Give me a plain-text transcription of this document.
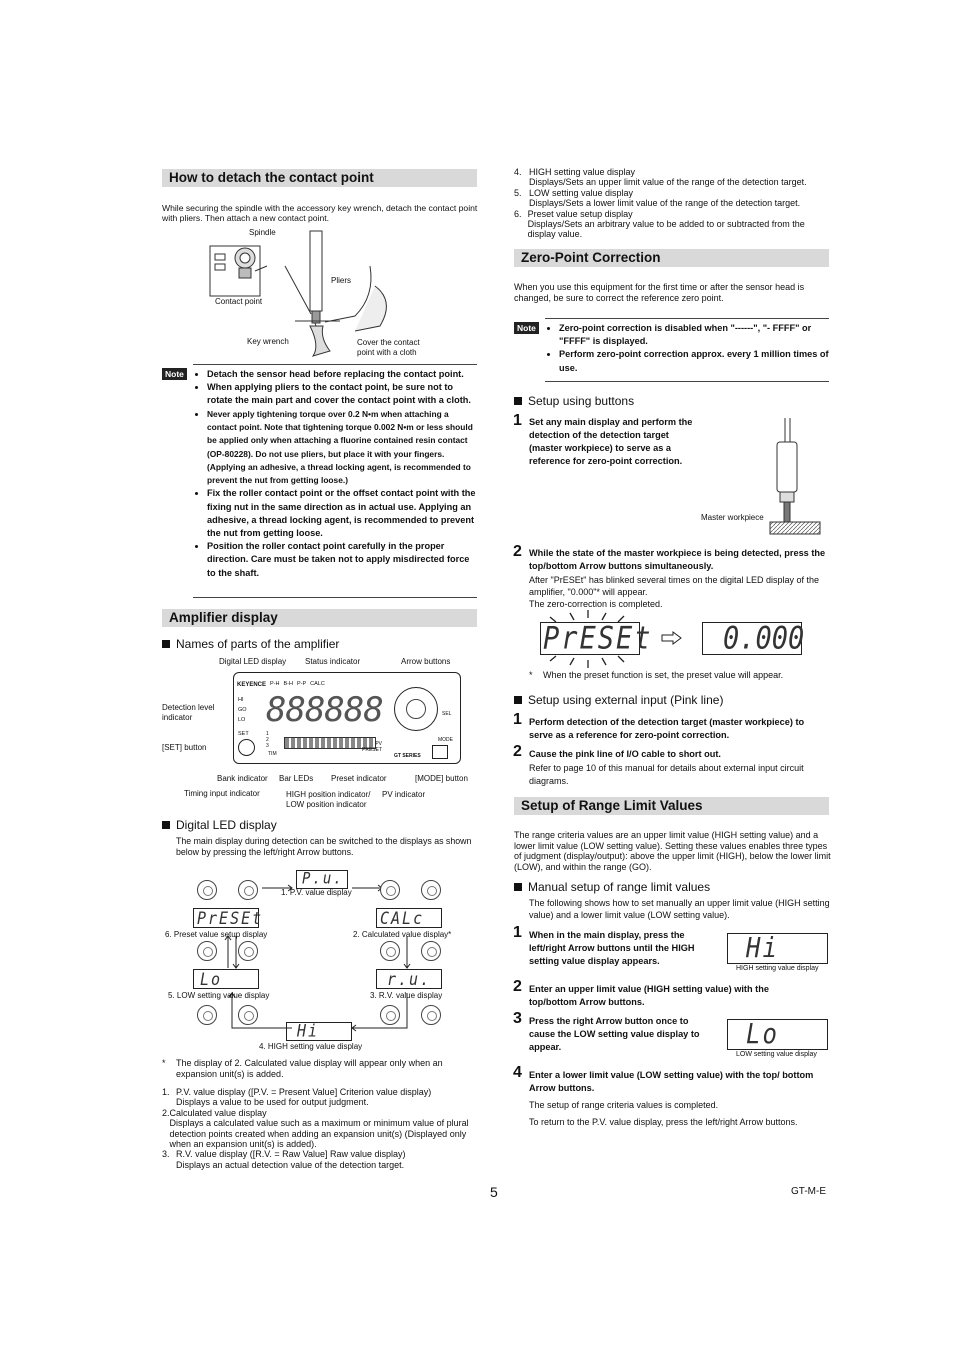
How to detach the contact point
While securing the spindle with the accessory key wrench, detach the contact point with pliers. Then attach a new contact point.
Spindle
Pliers
Contact point
Key wrench	Cover the contact point with a cloth
Note	• Detach the sensor head before replacing the contact point.
• When applying pliers to the contact point, be sure not to rotate the main part and cover the contact point with a cloth.
• Never apply tightening torque over 0.2 N•m when attaching a contact point. Note that tightening torque 0.002 N•m or less should be applied only when attaching a fluorine contained resin contact (OP-80228). Do not use pliers, but place it with your fingers. (Applying an adhesive, a thread locking agent, is recommended to prevent the nut from getting loose.)
• Fix the roller contact point or the offset contact point with the fixing nut in the same direction as in actual use. Applying an adhesive, a thread locking agent, is recommended to prevent the nut from getting loose.
• Position the roller contact point carefully in the proper direction. Care must be taken not to apply misdirected force to the shaft.
Amplifier display
Names of parts of the amplifier
KEYENCE P-H B-H P-P CALC
HI
GO
LO 888888
SET	1
2
3
TIM
PV
PRESET
GT SERIES
SEL
MODE
Digital LED display Status indicator	Arrow buttons
Detection level indicator
[SET] button
Bank indicator Bar LEDs Preset indicator	[MODE] button
Timing input indicator	HIGH position indicator/ LOW position indicator
PV indicator
Digital LED display
The main display during detection can be switched to the displays as shown below by pressing the left/right Arrow buttons.
P.u.
1. P.V. value display
PrESEt
6. Preset value setup display
CALc
2. Calculated value display*
Lo
5. LOW setting value display
r.u.
3. R.V. value display
Hi
4. HIGH setting value display
* The display of 2. Calculated value display will appear only when an expansion unit(s) is added.
1. P.V. value display ([P.V. = Present Value] Criterion value display)
Displays a value to be used for output judgment.
2. Calculated value display
Displays a calculated value such as a maximum or minimum value of plural detection points created when adding an expansion unit(s) (Displayed only when an expansion unit(s) is added).
3. R.V. value display ([R.V. = Raw Value] Raw value display)
Displays an actual detection value of the detection target.
4. HIGH setting value display
Displays/Sets an upper limit value of the range of the detection target.
5. LOW setting value display
Displays/Sets a lower limit value of the range of the detection target.
6. Preset value setup display
Displays/Sets an arbitrary value to be added to or subtracted from the display value.
Zero-Point Correction
When you use this equipment for the first time or after the sensor head is changed, be sure to correct the reference zero point.
Note	• Zero-point correction is disabled when "------", "- FFFF" or "FFFF" is displayed.
• Perform zero-point correction approx. every 1 million times of use.
Setup using buttons
1 Set any main display and perform the detection of the detection target (master workpiece) to serve as a reference for zero-point correction.
Master workpiece
2 While the state of the master workpiece is being detected, press the top/bottom Arrow buttons simultaneously.
After "PrESEt" has blinked several times on the digital LED display of the amplifier, "0.000"* will appear.
The zero-correction is completed.
PrESEt	0.000
* When the preset function is set, the preset value will appear.
Setup using external input (Pink line)
1 Perform detection of the detection target (master workpiece) to serve as a reference for zero-point correction.
2 Cause the pink line of I/O cable to short out.
Refer to page 10 of this manual for details about external input circuit diagrams.
Setup of Range Limit Values
The range criteria values are an upper limit value (HIGH setting value) and a lower limit value (LOW setting value). Setting these values enables three types of judgment (display/output): above the upper limit (HIGH), below the lower limit (LOW), and within the range (GO).
Manual setup of range limit values
The following shows how to set manually an upper limit value (HIGH setting value) and a lower limit value (LOW setting value).
1 When in the main display, press the left/right Arrow buttons until the HIGH setting value display appears.	Hi
HIGH setting value display
2 Enter an upper limit value (HIGH setting value) with the top/bottom Arrow buttons.
3 Press the right Arrow button once to cause the LOW setting value display to appear.	Lo
LOW setting value display
4 Enter a lower limit value (LOW setting value) with the top/ bottom Arrow buttons.
The setup of range criteria values is completed.
To return to the P.V. value display, press the left/right Arrow buttons.
5	GT-M-E
